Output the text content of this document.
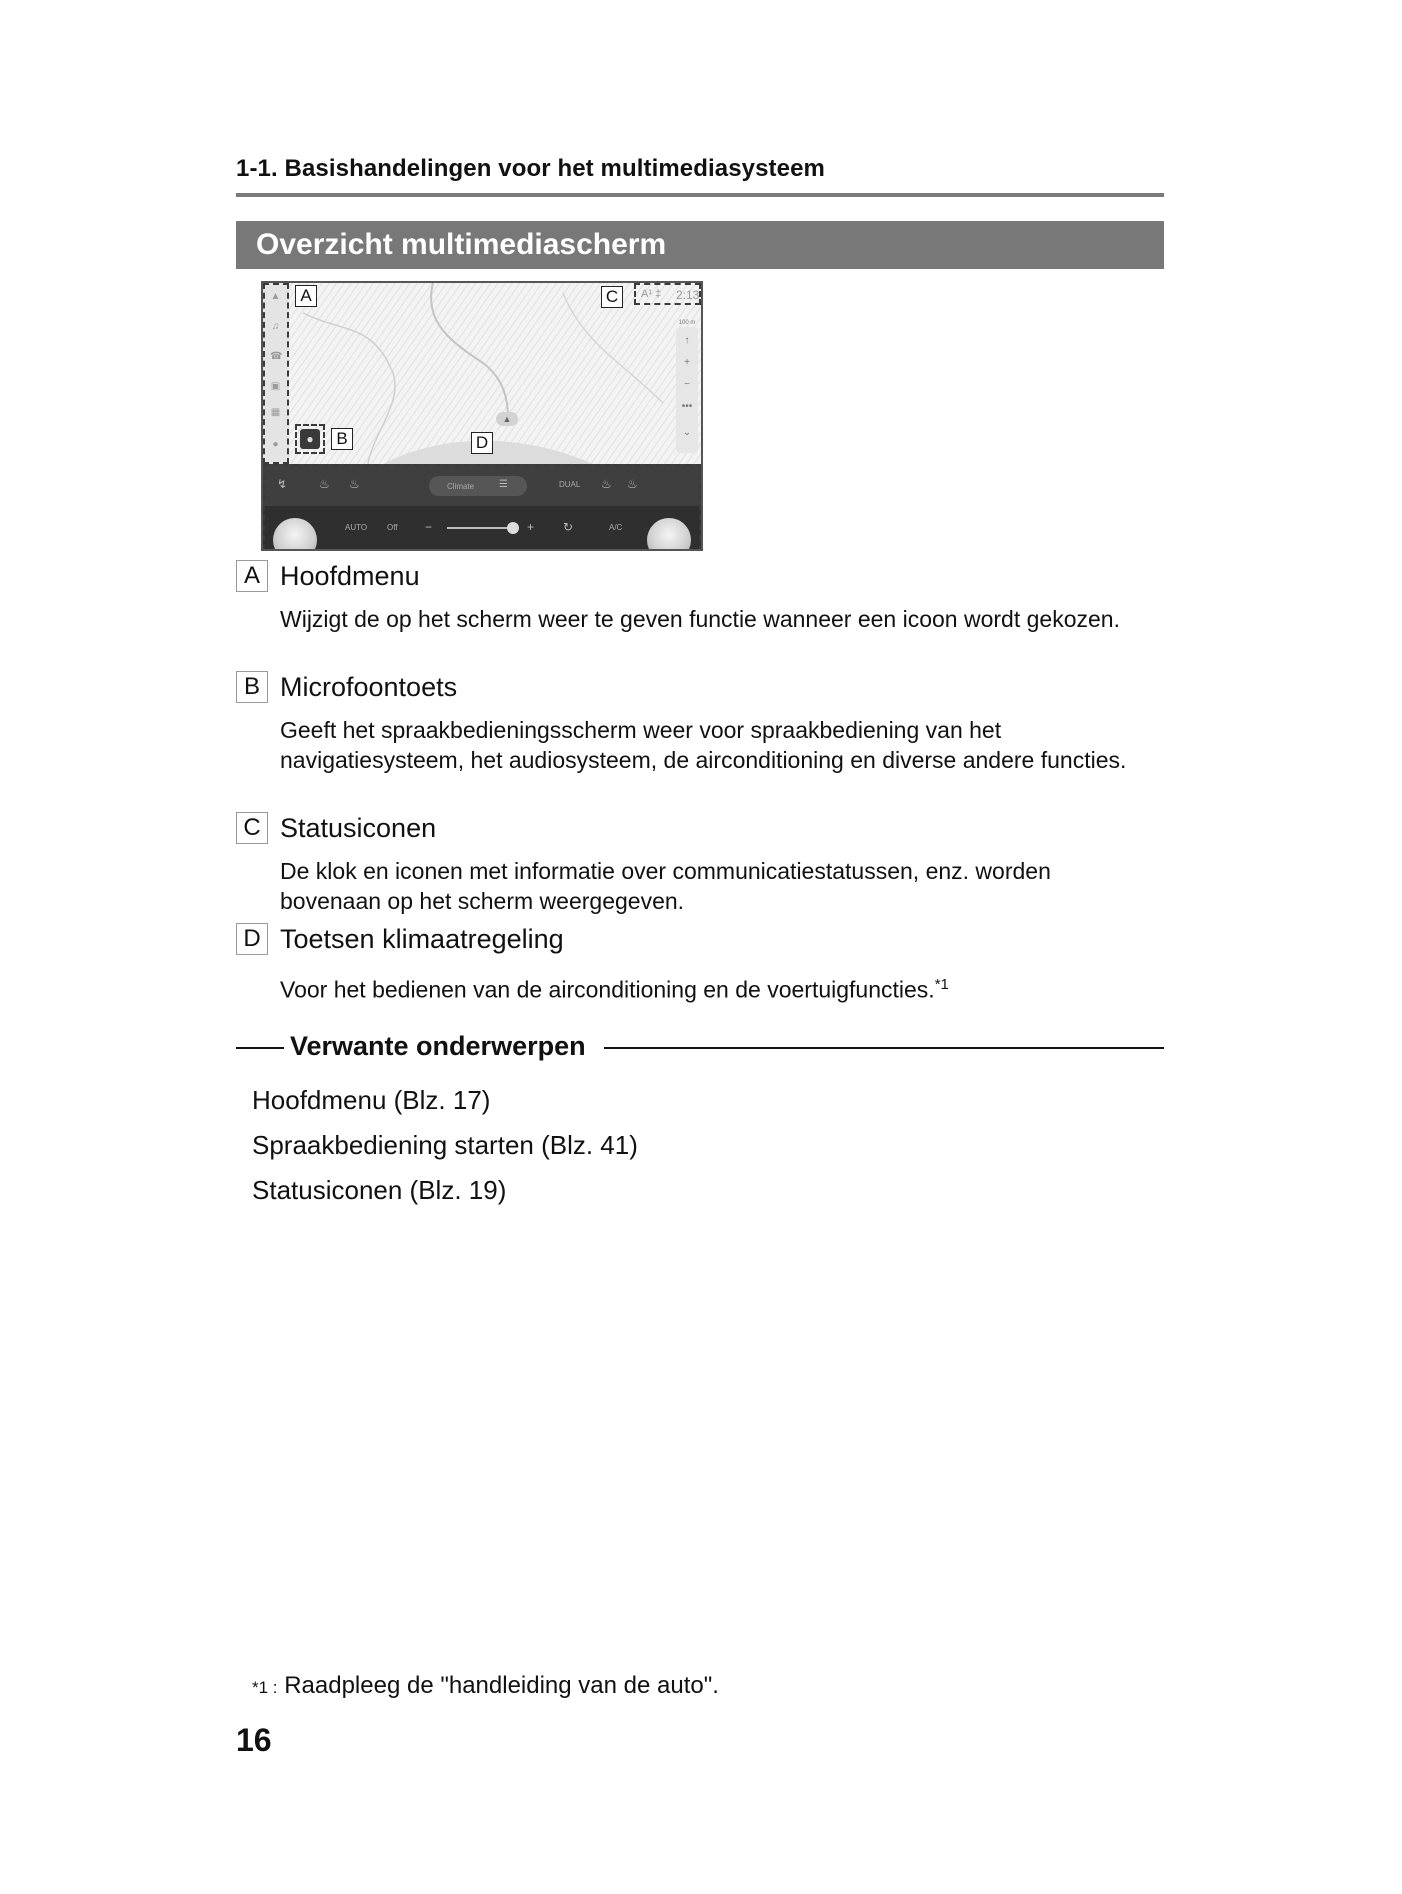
1-1. Basishandelingen voor het multimediasysteem
Overzicht multimediascherm
▲
♫
☎
▣
▦
●	●
A¹ ‡ 2:13
100 m
↑
+
−
•••
⌄
▲
↯	♨ ♨	Climate ☰	DUAL ♨ ♨
AUTO Off −	+ ↻	A/C
A
B
C
D
A Hoofdmenu
Wijzigt de op het scherm weer te geven functie wanneer een icoon wordt gekozen.
B Microfoontoets
Geeft het spraakbedieningsscherm weer voor spraakbediening van het navigatiesysteem, het audiosysteem, de airconditioning en diverse andere functies.
C Statusiconen
De klok en iconen met informatie over communicatiestatussen, enz. worden bovenaan op het scherm weergegeven.
D Toetsen klimaatregeling
Voor het bedienen van de airconditioning en de voertuigfuncties.$^{*1}$
Verwante onderwerpen
Hoofdmenu (Blz. 17)
Spraakbediening starten (Blz. 41)
Statusiconen (Blz. 19)
*1 : Raadpleeg de "handleiding van de auto".
16
